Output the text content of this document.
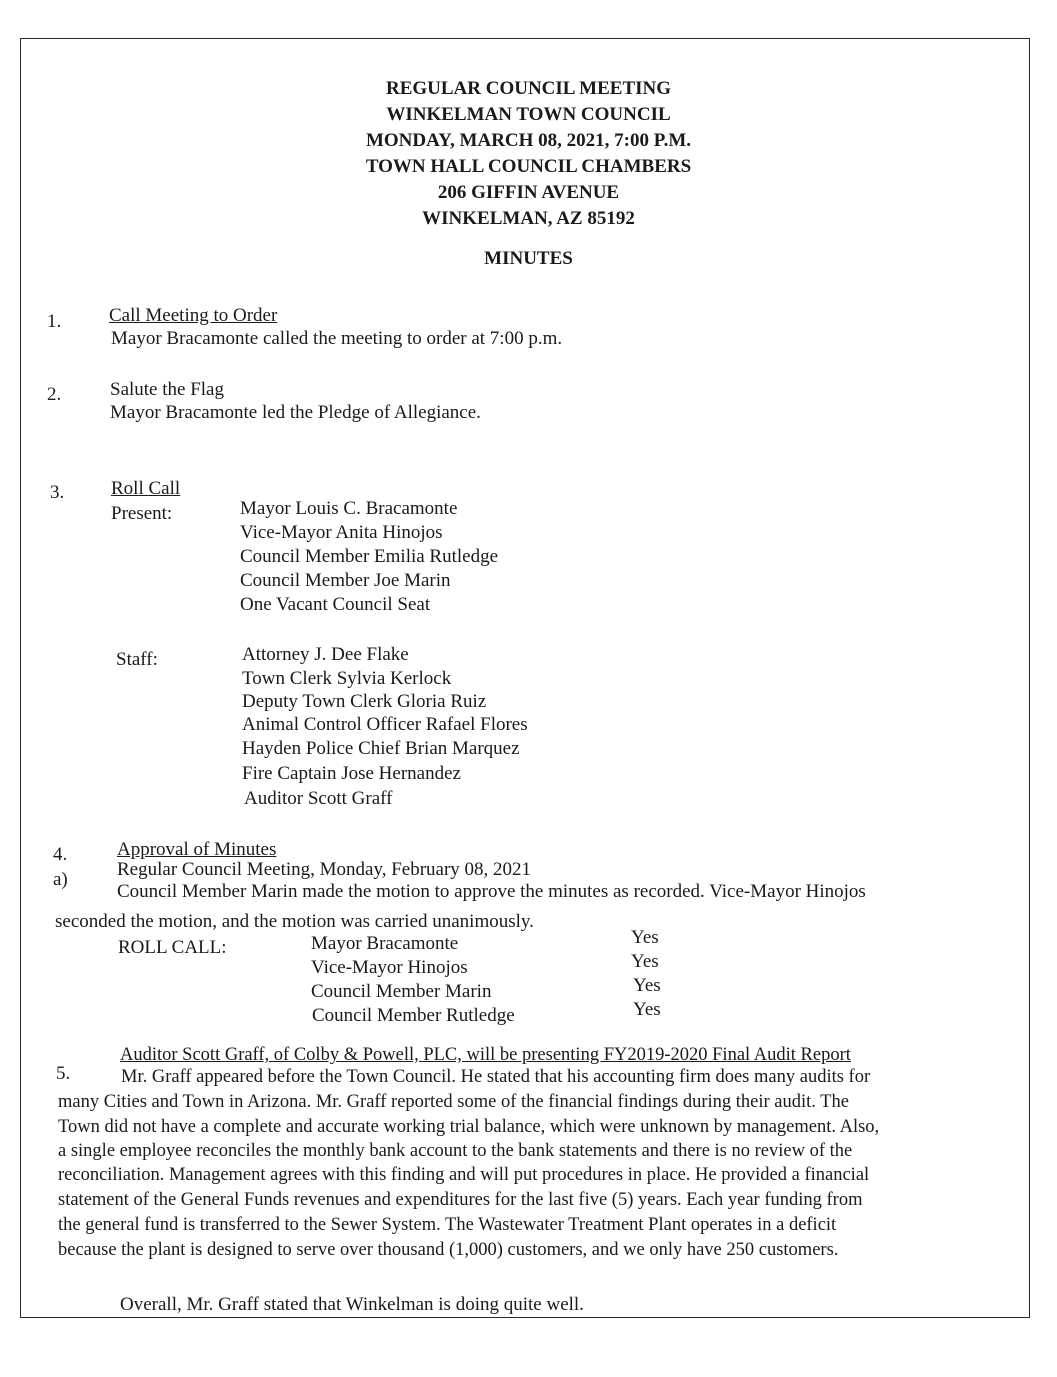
REGULAR COUNCIL MEETING
WINKELMAN TOWN COUNCIL
MONDAY, MARCH 08, 2021, 7:00 P.M.
TOWN HALL COUNCIL CHAMBERS
206 GIFFIN AVENUE
WINKELMAN, AZ 85192
MINUTES
1.	Call Meeting to Order
Mayor Bracamonte called the meeting to order at 7:00 p.m.
2.	Salute the Flag
Mayor Bracamonte led the Pledge of Allegiance.
3. Roll Call
Present:	Mayor Louis C. Bracamonte
Vice-Mayor Anita Hinojos
Council Member Emilia Rutledge
Council Member Joe Marin
One Vacant Council Seat
Staff:	Attorney J. Dee Flake
Town Clerk Sylvia Kerlock
Deputy Town Clerk Gloria Ruiz
Animal Control Officer Rafael Flores
Hayden Police Chief Brian Marquez
Fire Captain Jose Hernandez
Auditor Scott Graff
4.	Approval of Minutes
a)	Regular Council Meeting, Monday, February 08, 2021
Council Member Marin made the motion to approve the minutes as recorded. Vice-Mayor Hinojos
seconded the motion, and the motion was carried unanimously.
ROLL CALL:	Mayor Bracamonte	Yes
Vice-Mayor Hinojos	Yes
Council Member Marin	Yes
Council Member Rutledge	Yes
5.
Auditor Scott Graff, of Colby & Powell, PLC, will be presenting FY2019-2020 Final Audit Report
Mr. Graff appeared before the Town Council. He stated that his accounting firm does many audits for
many Cities and Town in Arizona. Mr. Graff reported some of the financial findings during their audit. The
Town did not have a complete and accurate working trial balance, which were unknown by management. Also,
a single employee reconciles the monthly bank account to the bank statements and there is no review of the
reconciliation. Management agrees with this finding and will put procedures in place. He provided a financial
statement of the General Funds revenues and expenditures for the last five (5) years. Each year funding from
the general fund is transferred to the Sewer System. The Wastewater Treatment Plant operates in a deficit
because the plant is designed to serve over thousand (1,000) customers, and we only have 250 customers.
Overall, Mr. Graff stated that Winkelman is doing quite well.
